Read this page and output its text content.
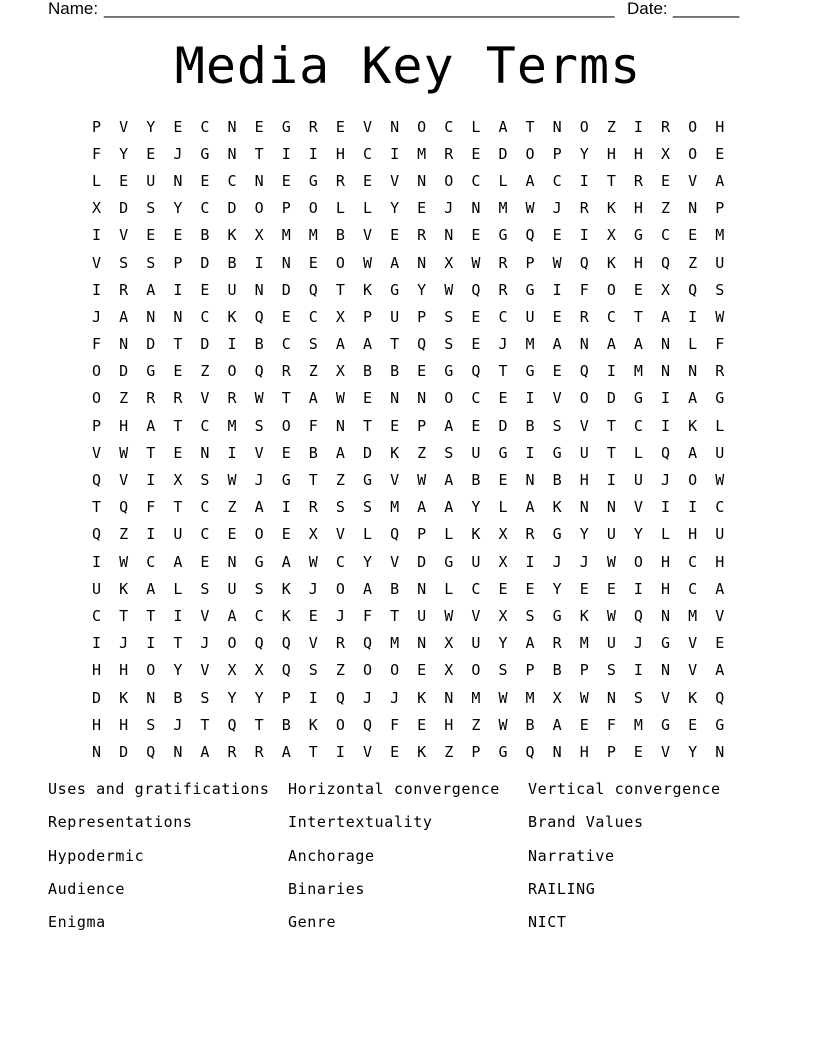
Name: ______________________________________________________ Date: _______
Media Key Terms
P	V	Y	E	C	N	E	G	R	E	V	N	O	C	L	A	T	N	O	Z	I	R	O	H
F	Y	E	J	G	N	T	I	I	H	C	I	M	R	E	D	O	P	Y	H	H	X	O	E
L	E	U	N	E	C	N	E	G	R	E	V	N	O	C	L	A	C	I	T	R	E	V	A
X	D	S	Y	C	D	O	P	O	L	L	Y	E	J	N	M	W	J	R	K	H	Z	N	P
I	V	E	E	B	K	X	M	M	B	V	E	R	N	E	G	Q	E	I	X	G	C	E	M
V	S	S	P	D	B	I	N	E	O	W	A	N	X	W	R	P	W	Q	K	H	Q	Z	U
I	R	A	I	E	U	N	D	Q	T	K	G	Y	W	Q	R	G	I	F	O	E	X	Q	S
J	A	N	N	C	K	Q	E	C	X	P	U	P	S	E	C	U	E	R	C	T	A	I	W
F	N	D	T	D	I	B	C	S	A	A	T	Q	S	E	J	M	A	N	A	A	N	L	F
O	D	G	E	Z	O	Q	R	Z	X	B	B	E	G	Q	T	G	E	Q	I	M	N	N	R
O	Z	R	R	V	R	W	T	A	W	E	N	N	O	C	E	I	V	O	D	G	I	A	G
P	H	A	T	C	M	S	O	F	N	T	E	P	A	E	D	B	S	V	T	C	I	K	L
V	W	T	E	N	I	V	E	B	A	D	K	Z	S	U	G	I	G	U	T	L	Q	A	U
Q	V	I	X	S	W	J	G	T	Z	G	V	W	A	B	E	N	B	H	I	U	J	O	W
T	Q	F	T	C	Z	A	I	R	S	S	M	A	A	Y	L	A	K	N	N	V	I	I	C
Q	Z	I	U	C	E	O	E	X	V	L	Q	P	L	K	X	R	G	Y	U	Y	L	H	U
I	W	C	A	E	N	G	A	W	C	Y	V	D	G	U	X	I	J	J	W	O	H	C	H
U	K	A	L	S	U	S	K	J	O	A	B	N	L	C	E	E	Y	E	E	I	H	C	A
C	T	T	I	V	A	C	K	E	J	F	T	U	W	V	X	S	G	K	W	Q	N	M	V
I	J	I	T	J	O	Q	Q	V	R	Q	M	N	X	U	Y	A	R	M	U	J	G	V	E
H	H	O	Y	V	X	X	Q	S	Z	O	O	E	X	O	S	P	B	P	S	I	N	V	A
D	K	N	B	S	Y	Y	P	I	Q	J	J	K	N	M	W	M	X	W	N	S	V	K	Q
H	H	S	J	T	Q	T	B	K	O	Q	F	E	H	Z	W	B	A	E	F	M	G	E	G
N	D	Q	N	A	R	R	A	T	I	V	E	K	Z	P	G	Q	N	H	P	E	V	Y	N
Uses and gratifications	Horizontal convergence	Vertical convergence
Representations	Intertextuality	Brand Values
Hypodermic	Anchorage	Narrative
Audience	Binaries	RAILING
Enigma	Genre	NICT
